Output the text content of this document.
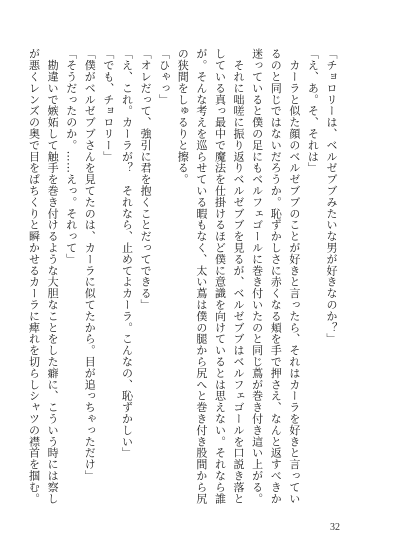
「チョロリーは、ベルゼブブみたいな男が好きなのか？」
「え、あ。そ、それは」
　カーラと似た顔のベルゼブブのことが好きと言ったら、それはカーラを好きと言ってい
るのと同じではないだろうか。恥ずかしさに赤くなる頬を手で押さえ、なんと返すべきか
迷っていると僕の足にもベルフェゴールに巻き付いたのと同じ蔦が巻き付き這い上がる。
　それに咄嗟に振り返りベルゼブブを見るが、ベルゼブブはベルフェゴールを口説き落と
している真っ最中で魔法を仕掛けるほど僕に意識を向けているとは思えない。それなら誰
が。そんな考えを巡らせている暇もなく、太い蔦は僕の腿から尻へと巻き付き股間から尻
の狭間をしゅるりと擦る。
「ひゃっ」
「オレだって、強引に君を抱くことだってできる」
「え、これ。カーラが？　それなら、止めてよカーラ。こんなの、恥ずかしい」
「でも、チョロリー」
「僕がベルゼブブさんを見てたのは、カーラに似てたから。目が追っちゃっただけ」
「そうだったのか。……えっ。それって」
　勘違いで嫉妬して触手を巻き付けるような大胆なことをした癖に、こういう時には察し
が悪くレンズの奥で目をぱちくりと瞬かせるカーラに痺れを切らしシャツの襟首を掴む。
32
